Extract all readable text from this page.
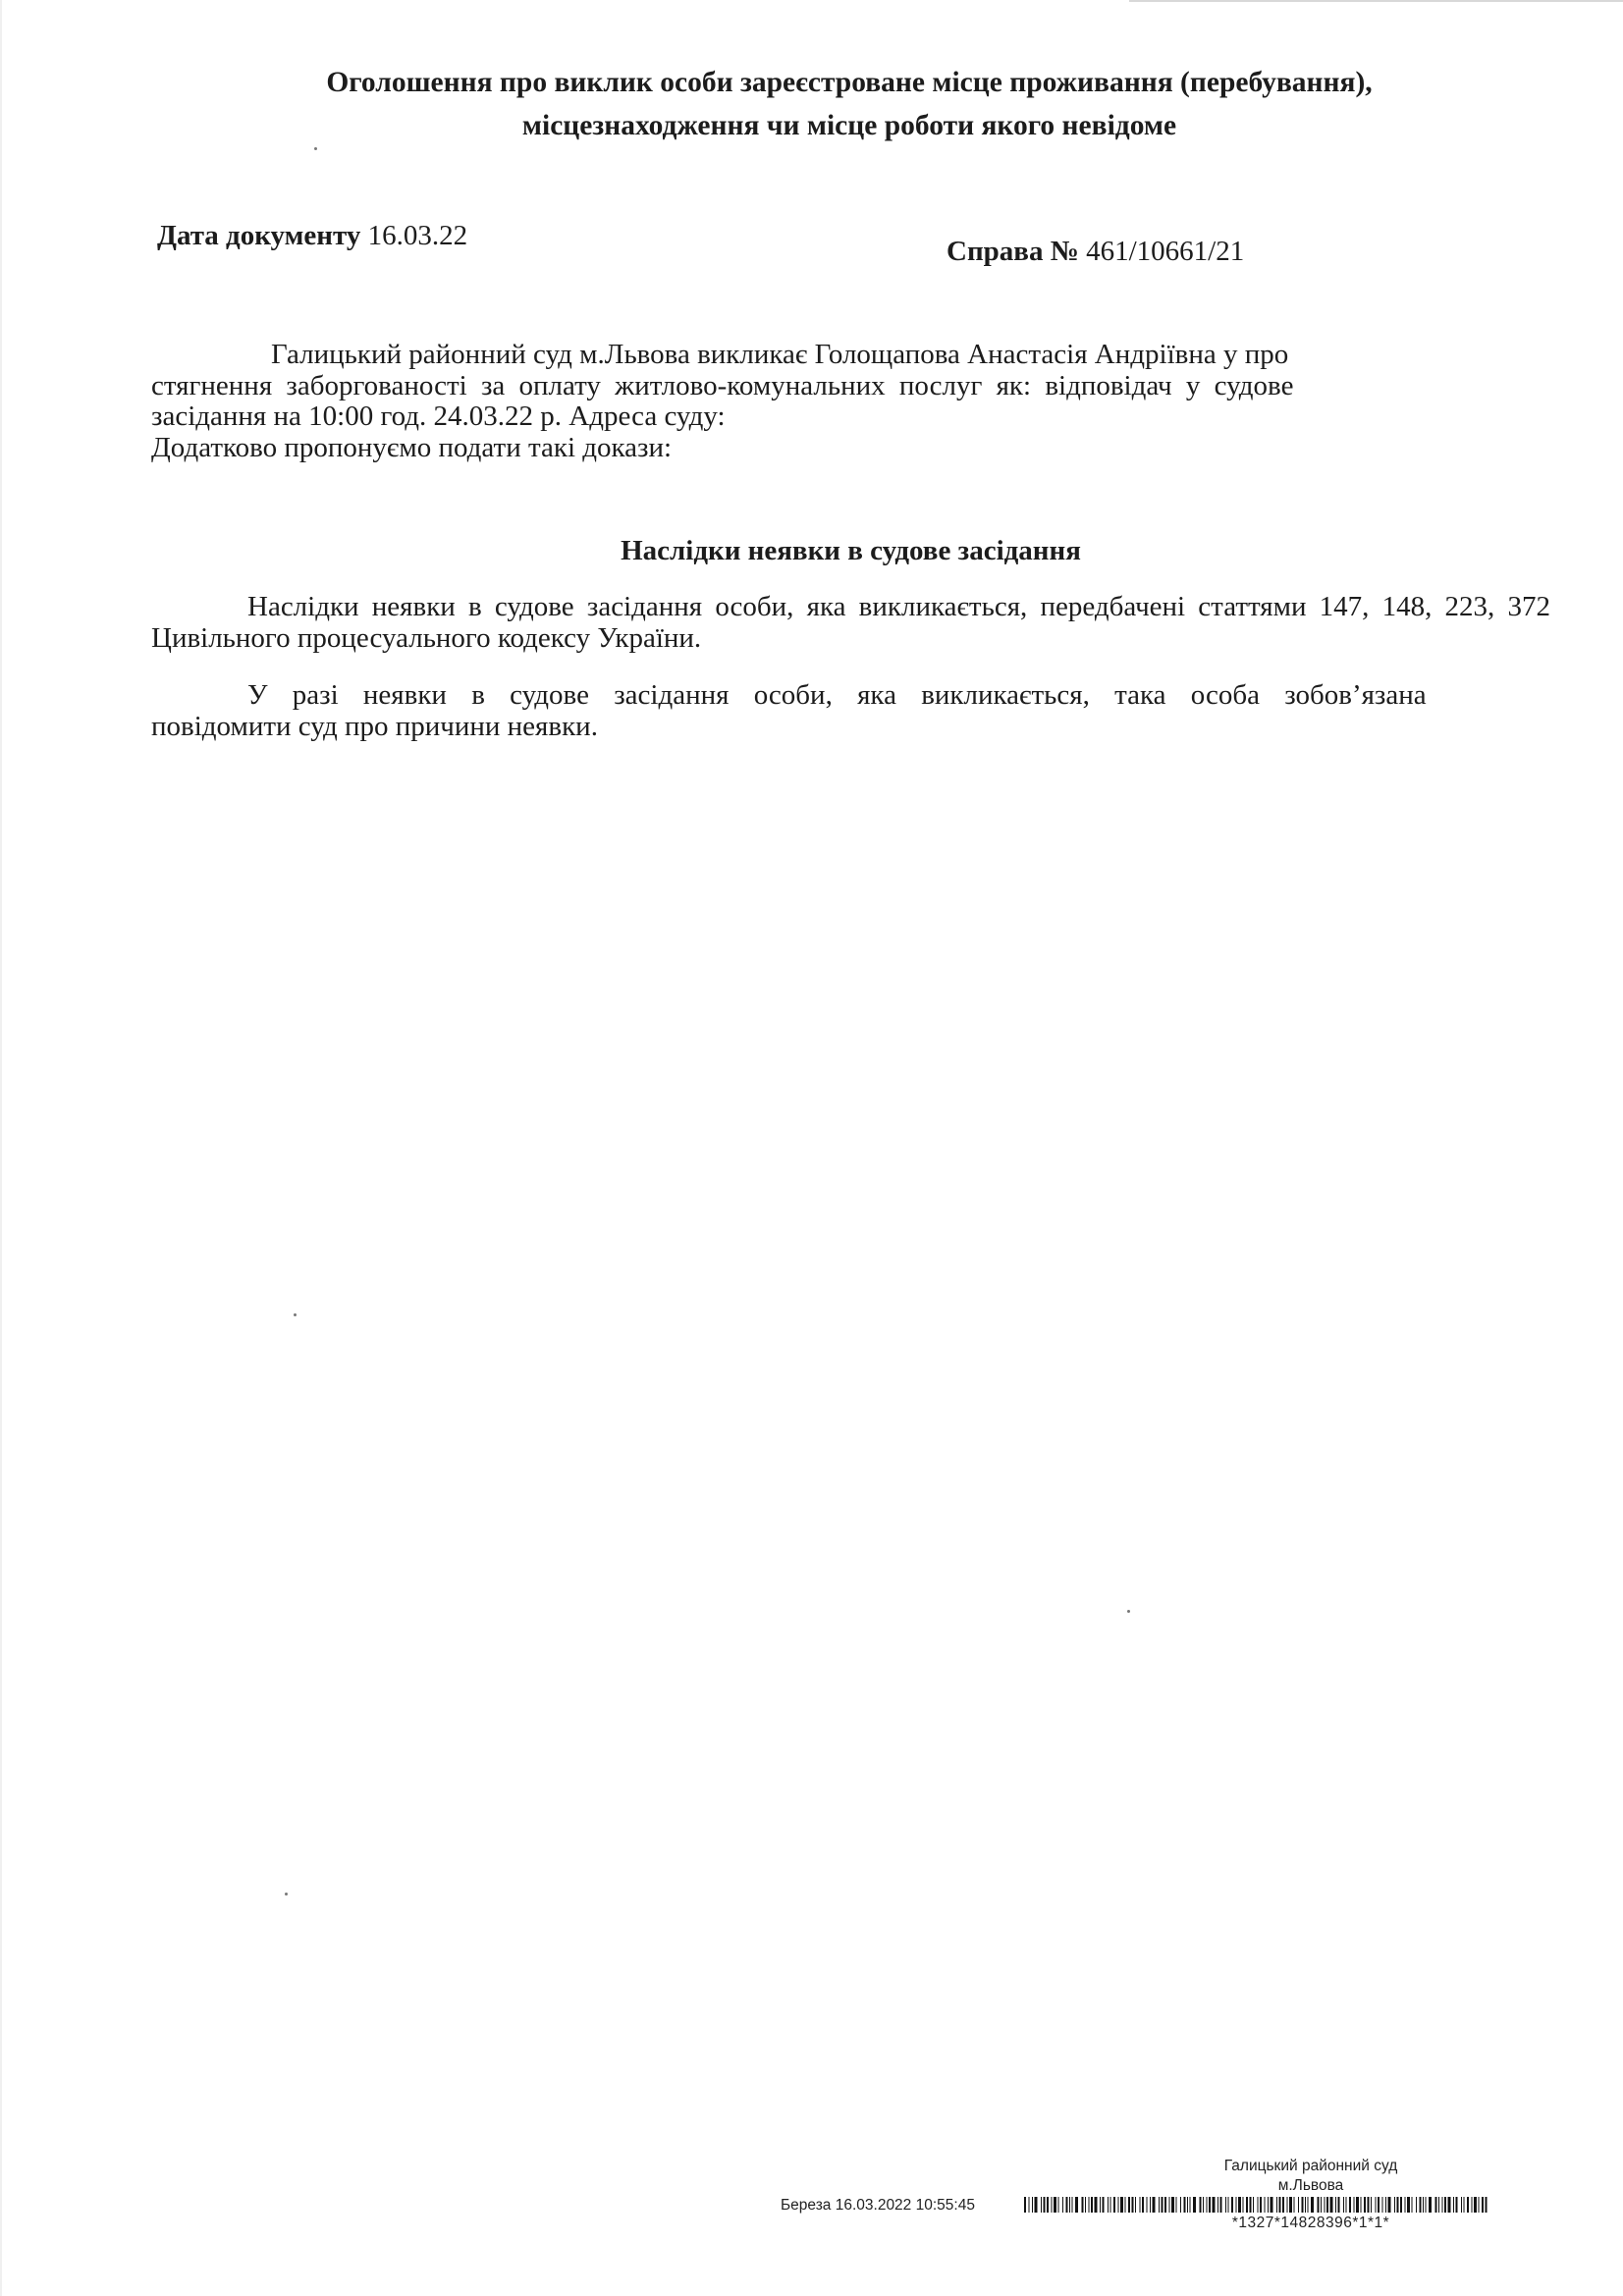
Оголошення про виклик особи зареєстроване місце проживання (перебування),
місцезнаходження чи місце роботи якого невідоме
Дата документу 16.03.22	Справа № 461/10661/21
Галицький районний суд м.Львова викликає Голощапова Анастасія Андріївна у про
стягнення заборгованості за оплату житлово-комунальних послуг як: відповідач у судове
засідання на 10:00 год. 24.03.22 р. Адреса суду:
Додатково пропонуємо подати такі докази:
Наслідки неявки в судове засідання
Наслідки неявки в судове засідання особи, яка викликається, передбачені статтями 147, 148, 223, 372 Цивільного процесуального кодексу України.
У разі неявки в судове засідання особи, яка викликається, така особа зобов’язана
повідомити суд про причини неявки.
Галицький районний суд
м.Львова
Береза 16.03.2022 10:55:45
*1327*14828396*1*1*
